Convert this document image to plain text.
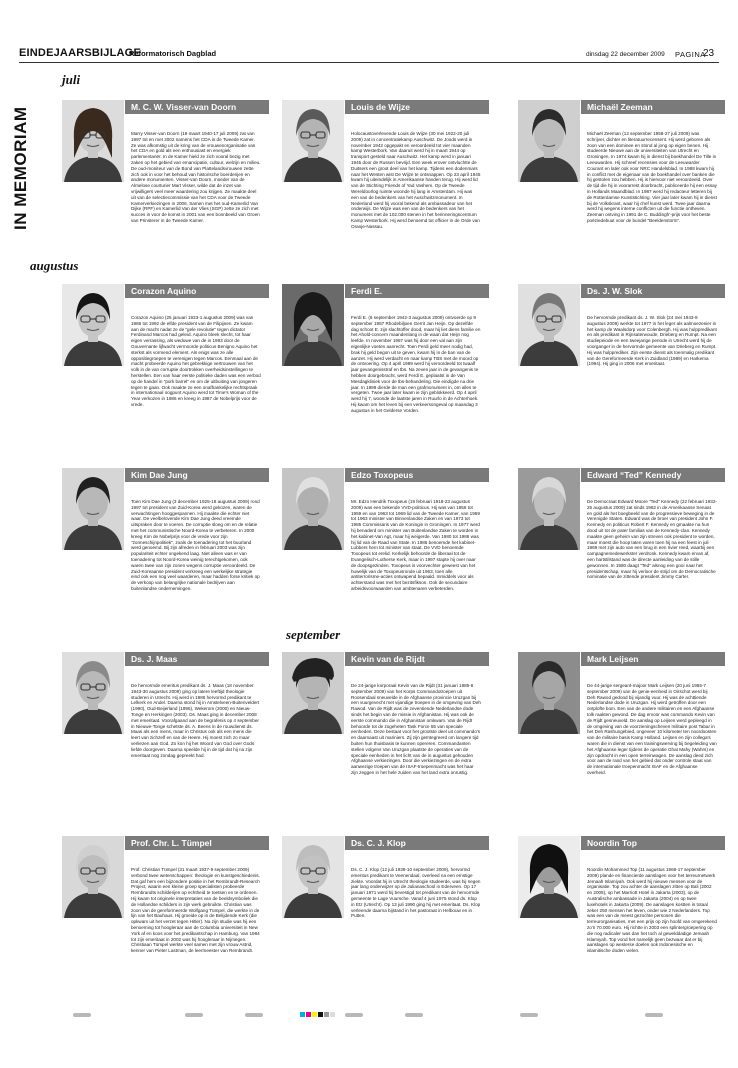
EINDEJAARSBIJLAGE
Reformatorisch Dagblad	dinsdag 22 december 2009 PAGINA
23
IN MEMORIAM
juli
augustus
september
M. C. W. Visser-van Doorn
Marry Visser-van Doorn (19 maart 1940-17 juli 2009) zat van 1997 tot en met 2002 namens het CDA in de Tweede Kamer. Ze was afkomstig uit de kring van de vrouwenorganisatie van het CDA en gold als een enthousiast en energiek parlementariër. In de Kamer hield ze zich vooral bezig met zaken op het gebied van emancipatie, cultuur, welzijn en milieu. De oud-moniteur van de Bond van Plattelandsvrouwen zette zich ook in voor het behoud van historische boerderijen en andere monumenten. Visser-van Doorn, moeder van de Almelose courturier Mart Visser, wilde dat de inzet van vrijwilligers veel meer waardering zou krijgen. Ze maakte deel uit van de selectiecommissie van het CDA voor de Tweede Kamerverkiezingen in 2006. Samen met het oud-Kamerlid Van Dijke (RPF) en Kamerlid Van der Vlies (SGP) zette ze zich met succes in voor de komst in 2001 van een bonnbeeld van Groen van Prinsterer in de Tweede Kamer.
Louis de Wijze
Holocaustoverlevende Louis de Wijze (30 mei 1922-20 juli 2009) zat in concentratiekamp Auschwitz. De Joods werd in november 1942 opgepakt en veroordeeld tot vier maanden kamp Westerbork. Van daaruit werd hij in maart 1944 op transport gesteld naar Auschwitz. Het kamp werd in januari 1945 door de Russen bevrijd. Een week erover ontvluchtte de Duitsers een groot deel van het kamp. Tijdens een dodenmars naar het Westen wist De Wijze te ontsnappen. Op 23 april 1945 kwam hij uiteindelijk in Amerikaanse handen terug. Hij werd lid van de Stichting Friends of Yad Vashem. Op de Tweede Wereldoorlog ruimte woonde hij lang in Amsterdam. Hij was een van de bedenkers van het Auschwitzmonument. In Nederland werd hij vooral bekend als ambassadeur van het onderwijs. De Wijze was een van de bedenkers van het monument met de 102.000 stenen in het herinneringscentrum Kamp Westerbork. Hij werd benoemd tot officier in de Orde van Oranje-Nassau.
Michaël Zeeman
Michaël Zeeman (12 september 1958-27 juli 2009) was schrijver, dichter en literatuurrecensent. Hij werd geboren als zoon van een dominee en stond al jong op eigen benen. Hij studeerde Nieuwe aan de universiteiten van Utrecht en Groningen. In 1974 kwam hij in dienst bij boekhandel De Tille in Leeuwarden. Hij schreef recensies voor de Leeuwarder Courant en later ook voor NRC Handelsblad. In 1988 kwam hij in conflict met de eigenaar van de boekhandel over banken die hij gestolen zou hebben. Hij is hiervoor niet veroordeeld. Over de tijd die hij in voorarrest doorbracht, publiceerde hij een essay in Hollands Maandblad. In 1987 werd hij redacteur letteren bij de Rotterdamse Kunststichting. Vier jaar later kwam hij in dienst bij de Volkskrant, waar hij chef kunst werd. Twee jaar daarna werd hij wegens interne conflicten uit die functie ontheven. Zeeman ontving in 1991 de C. Buddingh'-prijs voor het beste poëziedebuut voor de bundel "Beeldenstorm".
Corazon Aquino
Corazon Aquino (25 januari 1933-1 augustus 2009) was van 1986 tot 1992 de elfde president van de Filipijnen. Ze kwam aan de macht nadat ze de "gele revolutie" tegen dictator Ferdinand Marcos had geleid. Aquino bleek slecht, tot haar eigen verrassing, als weduwe van de in 1983 door de Gouvernante lijfwacht vermoorde politicus Benigno Aquino het sterkst als vormend element. Als enigs was ze alle oppositiegroepen te verenigen tegen Marcos. Eenmaal aan de macht probeerde Aquino het gebrekkige vertrouwen van het volk in de van corruptie doortrokken overheidsinstellingen te herstellen. Een van haar eerste politieke daden was een verbod op de handel in "pork barrel" en om de uitbuiting van jongeren tegen te gaan. Ook maakte ze een onafhankelijke rechtspraak in internationaal oogpunt Aquino werd tot Time's Woman of the Year verkozen in 1986 en kreeg in 1987 de Nobelprijs voor de vrede.
Ferdi E.
Ferdi E. (6 september 1942-3 augustus 2009) ontvoerde op 9 september 1987 Rhodebiljoen Gerrit Jan Heijn. Op dezelfde dag schoot E. zijn slachtoffer dood, maar hij liet diens familie en het Ahold-concern maandenlang in de waan dat Heijn nog leefde. In november 1987 was hij door een val aan zijn eigenlijke voeten aanrecht. Toen Ferdi geld meer nodig had, brak hij geld begon uit te geven, kwam hij in de ban van de aanzet. Hij werd verdacht en naar kamp TBS met de moord op de ontvoering. Op 4 april 1989 werd hij veroordeeld tot twaalf jaar gevangenisstraf en tbs. Na zeven jaar in de gevangenis te hebben doorgebracht, werd Ferdi E. geplaatst in de Van Mesdagkliniek voor de tbs-behandeling. Die eindigde na drie jaar. In 1999 dierde de man een grafmonument in, om alles te vergeten. Twee jaar later kwam ie zijn geblokkeerd. Op 4 april werd hij 7, woonde de laatste jaren in Ruurlo in de Achterhoek. Hij kwam om het leven bij een verkeersongeval op maandag 3 augustus in het Gelderse Vorden.
Ds. J. W. Slok
De hervormde predikant ds. J. W. Slok (24 mei 1943-9 augustus 2009) werkte tot 1977 in het leger als aalmoezenier in het kamp de Waalsdorp voor Colenbergh. Hij was hulppredikant en als predikant in Rijnsaterwoude, Drieberg en Rumpt. Na een studiepeiode en een tweejarige periode in Utrecht werd hij de voorganger in de hervormde gemeente van Drieberg en Rumpt. Hij was hulpprediker. Zijn eerste dienst als toenmalig predikant van de Gereformeerde Kerk in Zuidland (1989) en Harkema (1994). Hij ging in 2006 met emeritaat.
Kim Dae Jung
Toen Kim Dae Jung (3 december 1925-18 augustus 2009) rond 1997 tot president van Zuid-Korea werd gekozen, waren de verwachtingen hooggespannen. Hij maakte die echter niet waar. De veelbelovende Kim Dae Jung deed vreemde uitspraken door te voeren. De corruptie sloeg om en de relatie met het communistische Noord-Korea te verbeteren. In 2000 kreeg Kim de Nobelprijs voor de vrede voor zijn "zonneschijnpolitiek", zoals de toenadering tot het buurland werd genoemd. Bij zijn afreden in februari 2003 was zijn populariteit echter ongekend laag. Niet alleen was er van toenadering tot Noord-Korea weinig terechtgekomen, ook waren twee van zijn zonen wegens corruptie veroordeeld. De Zuid-Koreaanse president verkreeg een werkelijke strategie eind ook een nog veel waarderen, maar hadden forse kritiek op de verkoop van belangrijke nationale bedrijven aan buitenlandse ondernemingen.
Edzo Toxopeus
Mr. Edzo Hendrik Toxopeus (19 februari 1918-23 augustus 2009) was een bekende VVD-politicus. Hij was van 1956 tot 1959 en van 1963 tot 1969 lid van de Tweede Kamer, van 1959 tot 1963 minister van Binnenlandse Zaken en van 1973 tot 1985 Commissaris van de Koningin in Groningen. In 1977 werd hij benaderd om minister van Buitenlandse Zaken te worden in het kabinet-Van Agt, maar hij weigerde. Van 1980 tot 1986 was hij lid van de Raad van State. In 1985 benoemde het kabinet-Lubbers hem tot minister van staat. De VVD benoemde Toxopeus tot erelid. Kerkelijk behoorde de liberaal tot de Evangelisch-Lutherse Kerk, maar in 1997 stapte hij over naar de doopsgezinden. Toxopeus is voorvechter geweest van het huwelijk van de Toxopeusronde uit 1963, toen alle antiterrorisme-acties ontwapend bepaald. Inmiddels voor als achterstand was met het bezitsfikson. Ook de secundaire arbeidsvoorwaarden van ambtenaren verbeterden.
Edward “Ted” Kennedy
De Democraat Edward Moore "Ted" Kennedy (22 februari 1932-25 augustus 2009) zat sinds 1962 in de Amerikaanse Senaat en gold als het boegbeeld van de progressieve beweging in de Verenigde Staten. Edward was de broer van president John F. Kennedy en politicus Robert F. Kennedy en gmaakte na hun dood uit tot de pater familias van de Kennedy-clan. Kennedy maakte geen geheim van zijn streven ook president te worden, maar moest die hoop laten varen toen hij na een feest in juli 1969 met zijn auto van een brug in een rivier reed, waarbij een campagnemedewerkster verdronk. Kennedy kwam ervan af, een hartstilstand was de directe aanleiding van de stille gewonnen. In 1980 daagt "Ted" alsnog een gooi naar het presidentschap, maar hij verloor de strijd om de Democratische nominatie van de zittende president Jimmy Carter.
Ds. J. Maas
De hervormde emeritus predikant ds. J. Maas (18 november 1943-30 augustus 2009) ging op latere leeftijd theologie studeren in Utrecht. Hij werd in 1986 hervormd predikant te Lelkerk en Andel. Daarna stond hij in Amstelveen-Buitenveldert (1990), Oud-Beijerland (1995), Wekerom (2000) en Nieuw-Tonge en Herkingen (2003). Ds. Maas ging in december 2008 met emeritaat. Voorafgaand aan de begrafenis op 4 september in Nieuwe-Tonge schetste ds. A. Beens in de rouwdienst ds. Maas als een mens, maar in Christus ook als een mens die leert van zichzelf en van de Heere. Hij moest zich zo maar verliezen aan God. Zo kon hij het Woord van God over Gods liefde doorgeven. Daarna speelde hij in de tijd dat hij na zijn emeritaat nog zondag gepreekt had.
Kevin van de Rijdt
De 24-jarige korporaal Kevin van de Rijdt (31 januari 1985-6 september 2009) van het Korps Commandotroepen uit Roosendaal sneuvelde in de Afghaanse provincie Uruzgan bij een vuurgevecht met vijandige troepen in de omgeving van Deh Rawod. Van de Rijdt was de zeventiende Nederlandse dode sinds het begin van de missie in Afghanistan. Hij was ook de eerste commando die in Afghanistan omkwam. Van de Rijdt behoorde tot de zogeheten Task Force 55 van speciale eenheden. Deze bestaat voor het grootste deel uit commando's en daarnaast uit mariniers. Zij zijn geïntegreerd om langere tijd buiten hun thuisbasis te kunnen opereren. Commandanten stellen volgens Van Uruzgan plaatste de operaties van de speciale eenheden in het licht van de in augustus gehouden Afghaanse verkiezingen. Door die verkiezingen en de extra aanwezige troepen van de ISAF-troepenmacht was het haar zijn zeggen in het hele zuiden van het land extra onrustig.
Mark Leijsen
De 44-jarige sergeant-majoor Mark Leijsen (20 juni 1965-7 september 2009) van de genie-eenheid in Oirschot werd bij Deh Rawod gedood bij vijandig vuur. Hij was de achttiende Nederlandse dode in Uruzgan. Hij werd getroffen door een ontplofte bom. Een van de andere militairen en een Afghaanse tolk raakten gewond. De dag ervoor was commando Kevin van de Rijdt gesneuveld. De aanslag op Leijsen werd gepleegd in de omgeving van de voorzieningscheven militaire post Tabar in het Deh Rashungebied, ongeveer 10 kilometer ten noordoosten van de militaire basis Kamp Holland. Leijsen en zijn collega's waren die in dienst van een trainingswerving bij begeleiding van het Afghaanse leger tijdens de operatie Ghat Mahy (Wahrs) en zijn opdracht in een open terreinwagen. De aanslag deed zich voor aan de rand van het gebied dat onder controle staat van de internationale troepenmacht ISAF en de Afghaanse overheid.
Prof. Chr. L. Tümpel
Prof. Christian Tümpel (31 maart 1937-9 september 2009) verbond twee wetenschappen: theologie en kunstgeschiedenis. Dat gaf hem een bijzondere positie in het Rembrandt-Research Project, waarin een kleine groep specialisten probeerde Rembrandts schilderijen op echtheid te toetsen en te ordenen. Hij kwam tot originele interpretaties van de beeldsymboliek die de Hollandse schilders in zijn werk gebruikte. Christian was zoon van de gereformeerde Wolfgang Tümpel, die werkte in de lijn van het Bauhaus. Hij groeide op in de Belijdende Kerk (die opkwam uit het verzet tegen Hitler). Na zijn studie was hij een benoeming tot hoogleraar aan de Columbia universiteit in New York af en koos voor het predikantschap in Hamburg. Van 1984 tot zijn emeritaat in 2002 was hij hoogleraar in Nijmegen. Christiaan Tümpel werkte veel samen met zijn vrouw Astrid, kenner van Pieter Lastman, de leermeester van Rembrandt.
Ds. C. J. Klop
Ds. C. J. Klop (12 juli 1938-10 september 2009), hervormd emeritus predikant te Veenendaal, overleed na een ernstige ziekte. Voordat hij in Utrecht theologie studeerde, was hij negen jaar lang onderwijzer op de Julianaschool in Ederveen. Op 17 januari 1971 werd hij bevestigd tot predikant van de hervormde gemeente te Lage Vuursche. Vanaf 4 juni 1975 stond ds. Klop in Etz (Utrecht). Op 13 juli 1990 ging hij met emeritaat. Ds. Klop verleende daarna bijstand in het pastoraat in Helbouw en in Putten.
Noordin Top
Noordin Mohammed Top (11 augustus 1968-17 september 2009) plande en financierde aanslagen voor het terreurnetwerk Jemaah Islamiyah. Ook werd hij nieuwe mensen voor de organisatie. Top zou achter de aanslagen zitten op Bali (2002 en 2005), op het Marriott Hotel in Jakarta (2003), op de Australische ambassade in Jakarta (2004) en op twee luxehotels in Jakarta (2009). De aanslagen kostten in totaal zeker 250 mensen het leven, onder wie 2 Nederlanders. Top was een van de meest gezochte personen die terreurorganisaties, met een prijs op zijn hoofd van omgerekend zo'n 70.000 euro. Hij richtte in 2003 een splintergroepering op die nog radicaler was dan het toch al gewelddadige Jemaah Islamiyah. Top vond het namelijk geen bezwaar dat er bij aanslagen op westerse doelen ook Indonesische en islamitische doden vielen.
